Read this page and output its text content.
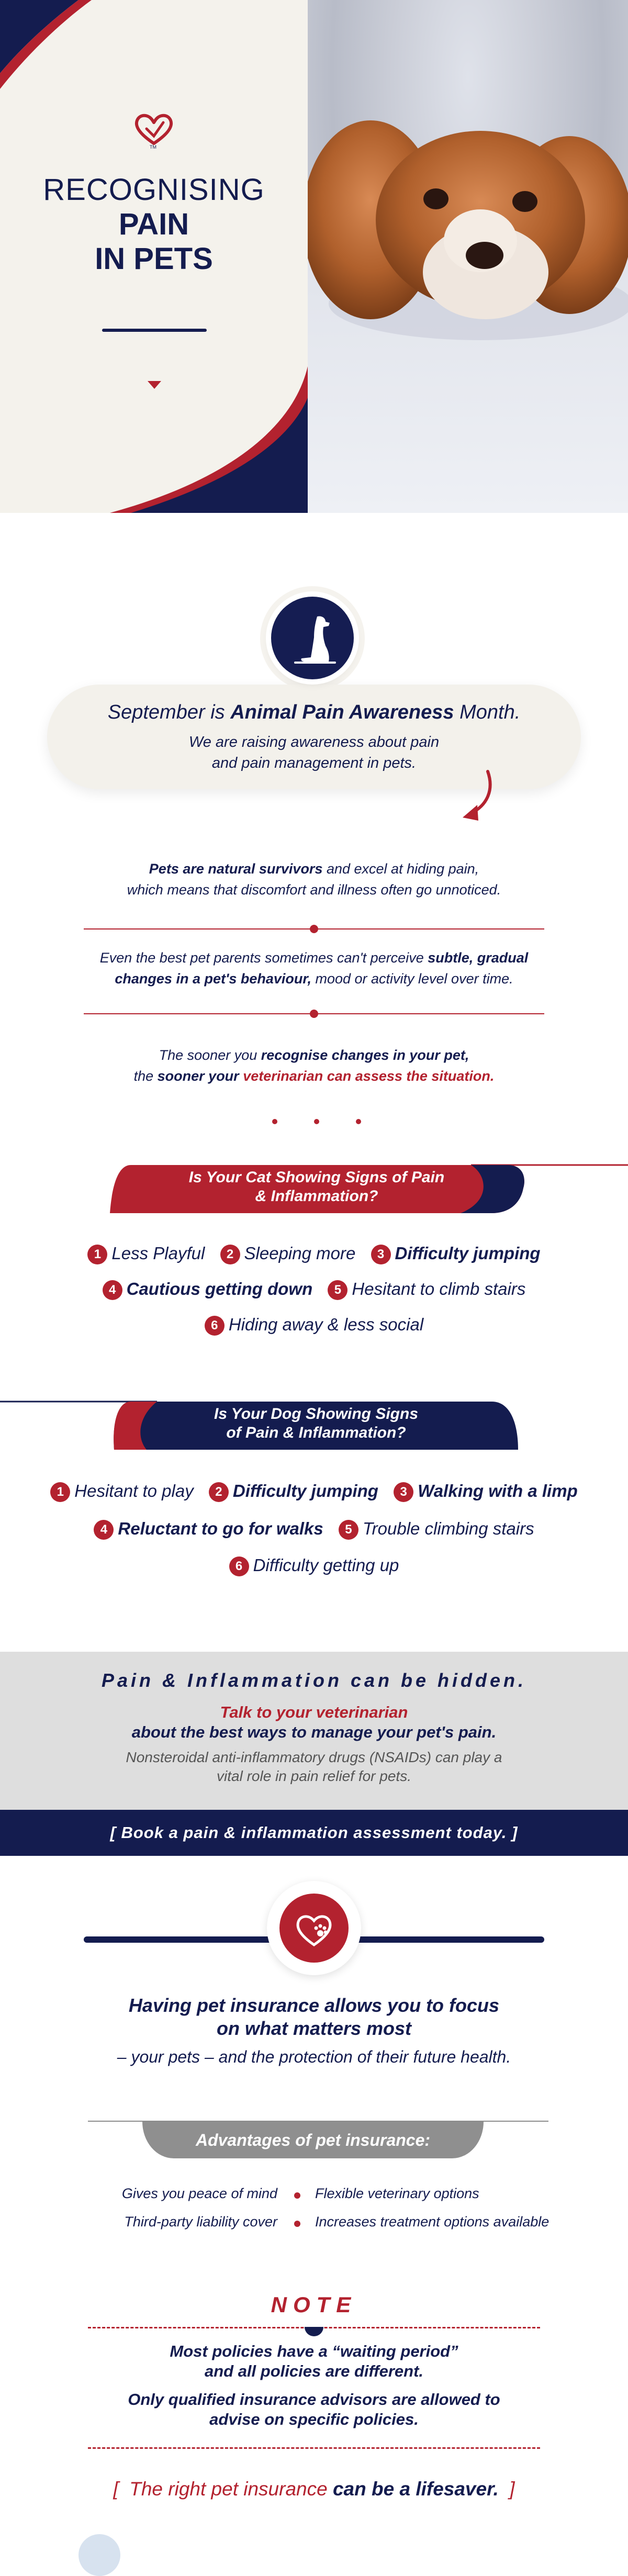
TM
RECOGNISING
PAIN
IN PETS
September is Animal Pain Awareness Month.
We are raising awareness about pain
and pain management in pets.
Pets are natural survivors and excel at hiding pain,
which means that discomfort and illness often go unnoticed.
Even the best pet parents sometimes can't perceive subtle, gradual
changes in a pet's behaviour, mood or activity level over time.
The sooner you recognise changes in your pet,
the sooner your veterinarian can assess the situation.
Is Your Cat Showing Signs of Pain
& Inflammation?
1 Less Playful 2 Sleeping more 3 Difficulty jumping
4 Cautious getting down 5 Hesitant to climb stairs
6 Hiding away & less social
Is Your Dog Showing Signs
of Pain & Inflammation?
1 Hesitant to play 2 Difficulty jumping 3 Walking with a limp
4 Reluctant to go for walks 5 Trouble climbing stairs
6 Difficulty getting up
Pain & Inflammation can be hidden.
Talk to your veterinarian
about the best ways to manage your pet's pain.
Nonsteroidal anti-inflammatory drugs (NSAIDs) can play a
vital role in pain relief for pets.
[ Book a pain & inflammation assessment today. ]
Having pet insurance allows you to focus
on what matters most
– your pets – and the protection of their future health.
Advantages of pet insurance:
Gives you peace of mind	Flexible veterinary options
Third-party liability cover	Increases treatment options available
NOTE
Most policies have a “waiting period”
and all policies are different.
Only qualified insurance advisors are allowed to
advise on specific policies.
[ The right pet insurance can be a lifesaver. ]
